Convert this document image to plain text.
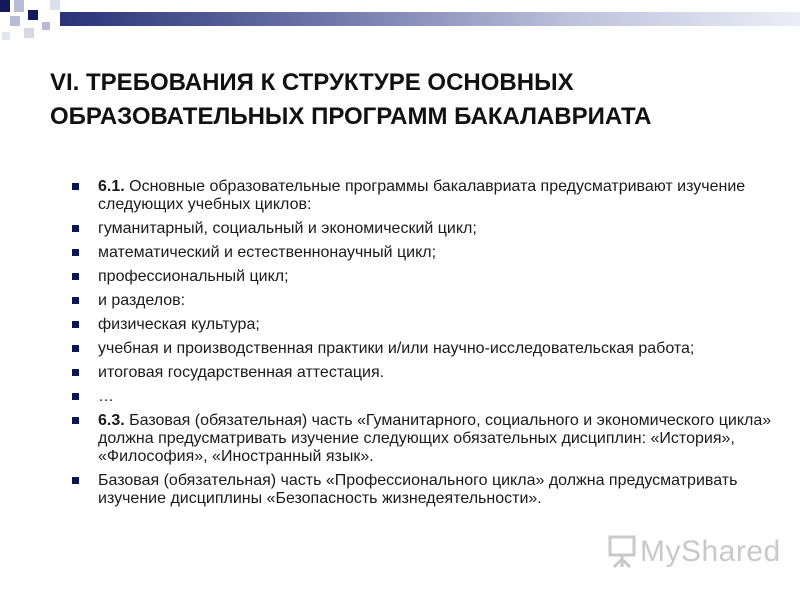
VI. ТРЕБОВАНИЯ К СТРУКТУРЕ ОСНОВНЫХ
ОБРАЗОВАТЕЛЬНЫХ ПРОГРАММ БАКАЛАВРИАТА
6.1. Основные образовательные программы бакалавриата предусматривают изучение следующих учебных циклов:
гуманитарный, социальный и экономический цикл;
математический и естественнонаучный цикл;
профессиональный цикл;
и разделов:
физическая культура;
учебная и производственная практики и/или научно-исследовательская работа;
итоговая государственная аттестация.
…
6.3. Базовая (обязательная) часть «Гуманитарного, социального и экономического цикла» должна предусматривать изучение следующих обязательных дисциплин: «История», «Философия», «Иностранный язык».
Базовая (обязательная) часть «Профессионального цикла» должна предусматривать изучение дисциплины «Безопасность жизнедеятельности».
MyShared
